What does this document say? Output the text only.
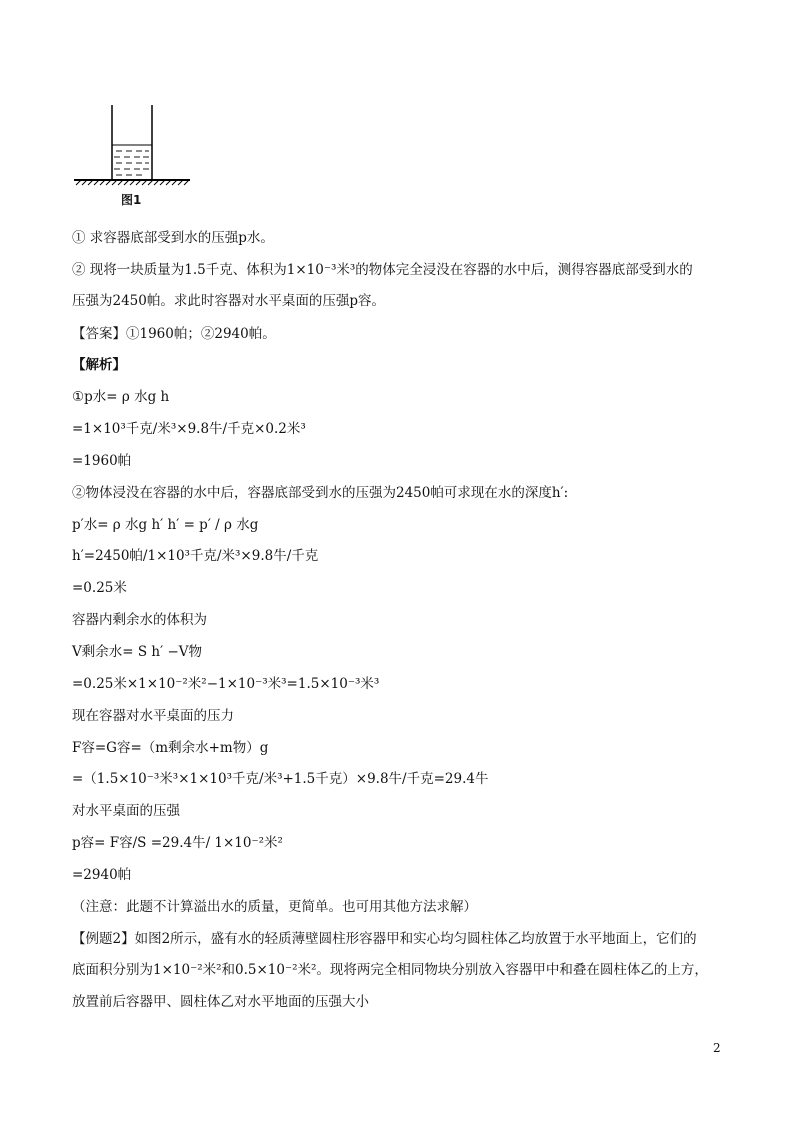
图1
① 求容器底部受到水的压强p水。
② 现将一块质量为1.5千克、体积为1×10⁻³米³的物体完全浸没在容器的水中后，测得容器底部受到水的
压强为2450帕。求此时容器对水平桌面的压强p容。
【答案】①1960帕；②2940帕。
【解析】
①p水= ρ 水g h
=1×10³千克/米³×9.8牛/千克×0.2米³
=1960帕
②物体浸没在容器的水中后，容器底部受到水的压强为2450帕可求现在水的深度h′:
p′水= ρ 水g h′ h′ = p′ / ρ 水g
h′=2450帕/1×10³千克/米³×9.8牛/千克
=0.25米
容器内剩余水的体积为
V剩余水= S h′ −V物
=0.25米×1×10⁻²米²−1×10⁻³米³=1.5×10⁻³米³
现在容器对水平桌面的压力
F容=G容=（m剩余水+m物）g
=（1.5×10⁻³米³×1×10³千克/米³+1.5千克）×9.8牛/千克=29.4牛
对水平桌面的压强
p容= F容/S =29.4牛/ 1×10⁻²米²
=2940帕
（注意：此题不计算溢出水的质量，更简单。也可用其他方法求解）
【例题2】如图2所示，盛有水的轻质薄壁圆柱形容器甲和实心均匀圆柱体乙均放置于水平地面上，它们的
底面积分别为1×10⁻²米²和0.5×10⁻²米²。现将两完全相同物块分别放入容器甲中和叠在圆柱体乙的上方，
放置前后容器甲、圆柱体乙对水平地面的压强大小
2
